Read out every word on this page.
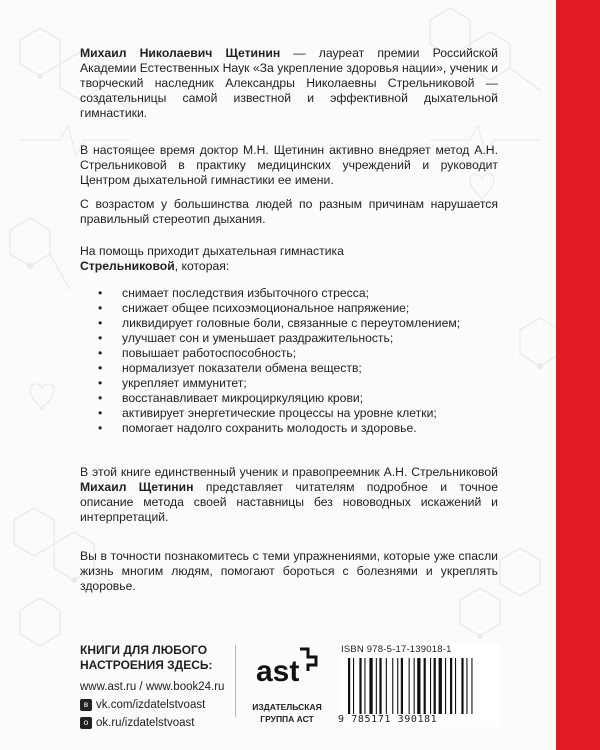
Михаил Николаевич Щетинин — лауреат премии Российской Академии Естественных Наук «За укрепление здоровья нации», ученик и творческий наследник Александры Николаевны Стрельниковой — создательницы самой известной и эффективной дыхательной гимнастики.
В настоящее время доктор М.Н. Щетинин активно внедряет метод А.Н. Стрельниковой в практику медицинских учреждений и руководит Центром дыхательной гимнастики ее имени.
С возрастом у большинства людей по разным причинам нарушается правильный стереотип дыхания.
На помощь приходит дыхательная гимнастика
Стрельниковой, которая:
• снимает последствия избыточного стресса;
• снижает общее психоэмоциональное напряжение;
• ликвидирует головные боли, связанные с переутомлением;
• улучшает сон и уменьшает раздражительность;
• повышает работоспособность;
• нормализует показатели обмена веществ;
• укрепляет иммунитет;
• восстанавливает микроциркуляцию крови;
• активирует энергетические процессы на уровне клетки;
• помогает надолго сохранить молодость и здоровье.
В этой книге единственный ученик и правопреемник А.Н. Стрельниковой Михаил Щетинин представляет читателям подробное и точное описание метода своей наставницы без нововодных искажений и интерпретаций.
Вы в точности познакомитесь с теми упражнениями, которые уже спасли жизнь многим людям, помогают бороться с болезнями и укреплять здоровье.
КНИГИ ДЛЯ ЛЮБОГО
НАСТРОЕНИЯ ЗДЕСЬ:
www.ast.ru / www.book24.ru
в vk.com/izdatelstvoast
о ok.ru/izdatelstvoast
ast
ИЗДАТЕЛЬСКАЯ
ГРУППА АСТ
ISBN 978-5-17-139018-1
9 785171 390181
